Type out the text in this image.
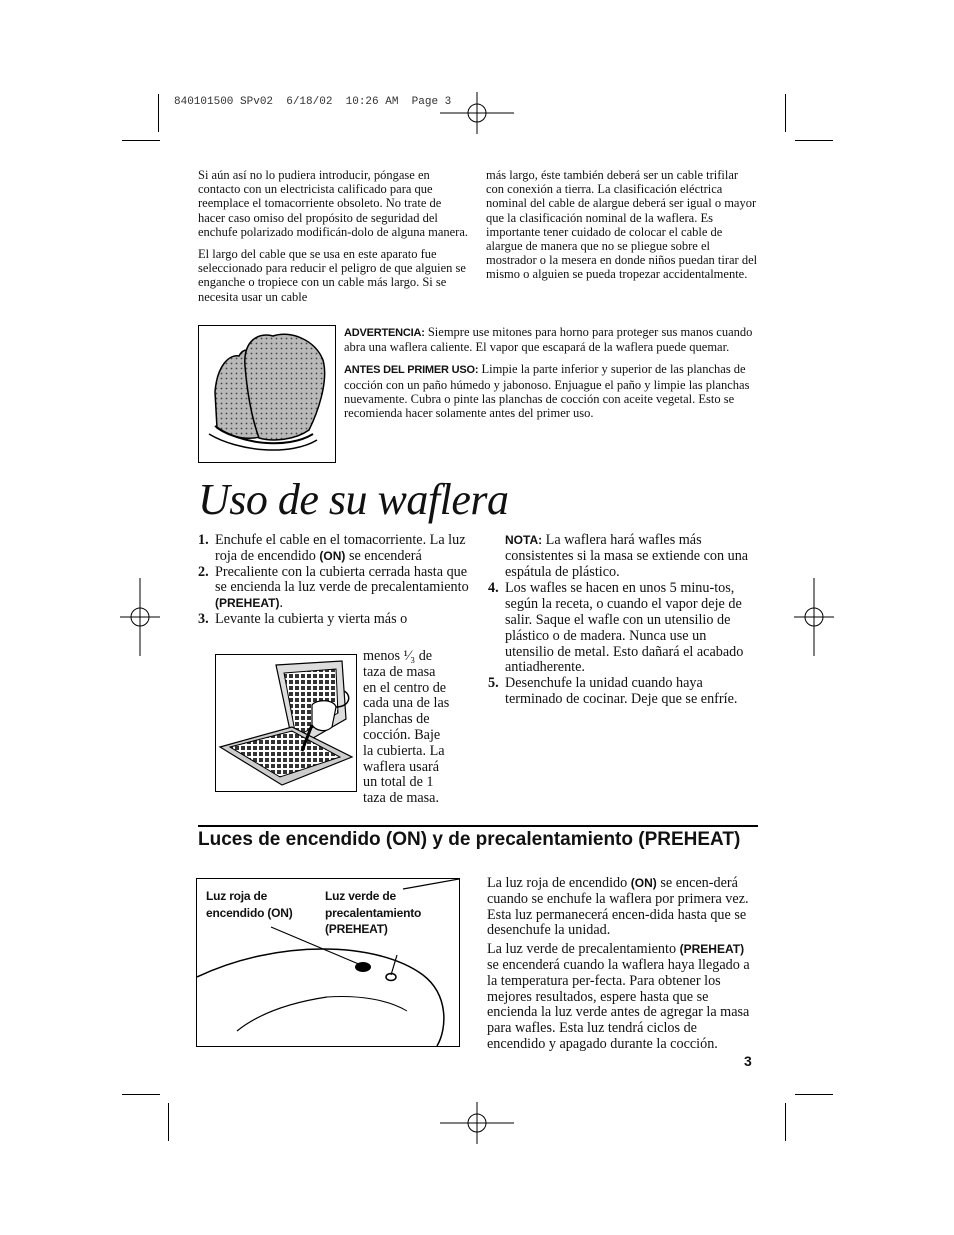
840101500 SPv02  6/18/02  10:26 AM  Page 3

Si aún así no lo pudiera introducir, póngase en contacto con un electricista calificado para que reemplace el tomacorriente obsoleto. No trate de hacer caso omiso del propósito de seguridad del enchufe polarizado modificán-dolo de alguna manera.

El largo del cable que se usa en este aparato fue seleccionado para reducir el peligro de que alguien se enganche o tropiece con un cable más largo. Si se necesita usar un cable

más largo, éste también deberá ser un cable trifilar con conexión a tierra. La clasificación eléctrica nominal del cable de alargue deberá ser igual o mayor que la clasificación nominal de la waflera. Es importante tener cuidado de colocar el cable de alargue de manera que no se pliegue sobre el mostrador o la mesera en donde niños puedan tirar del mismo o alguien se pueda tropezar accidentalmente.

ADVERTENCIA: Siempre use mitones para horno para proteger sus manos cuando abra una waflera caliente. El vapor que escapará de la waflera puede quemar.

ANTES DEL PRIMER USO: Limpie la parte inferior y superior de las planchas de cocción con un paño húmedo y jabonoso. Enjuague el paño y limpie las planchas nuevamente. Cubra o pinte las planchas de cocción con aceite vegetal. Esto se recomienda hacer solamente antes del primer uso.

Uso de su waflera

1. Enchufe el cable en el tomacorriente. La luz roja de encendido (ON) se encenderá

2. Precaliente con la cubierta cerrada hasta que se encienda la luz verde de precalentamiento (PREHEAT).

3. Levante la cubierta y vierta más o

menos ¹⁄₃ de
taza de masa
en el centro de
cada una de las
planchas de
cocción. Baje
la cubierta. La
waflera usará
un total de 1
taza de masa.

NOTA: La waflera hará wafles más consistentes si la masa se extiende con una espátula de plástico.

4. Los wafles se hacen en unos 5 minu-tos, según la receta, o cuando el vapor deje de salir. Saque el wafle con un utensilio de plástico o de madera. Nunca use un utensilio de metal. Esto dañará el acabado antiadherente.

5. Desenchufe la unidad cuando haya terminado de cocinar. Deje que se enfríe.

Luces de encendido (ON) y de precalentamiento (PREHEAT)
Luz roja de encendido (ON)
Luz verde de precalentamiento (PREHEAT)

La luz roja de encendido (ON) se encen-derá cuando se enchufe la waflera por primera vez. Esta luz permanecerá encen-dida hasta que se desenchufe la unidad.

La luz verde de precalentamiento (PREHEAT) se encenderá cuando la waflera haya llegado a la temperatura per-fecta. Para obtener los mejores resultados, espere hasta que se encienda la luz verde antes de agregar la masa para wafles. Esta luz tendrá ciclos de encendido y apagado durante la cocción.

3
